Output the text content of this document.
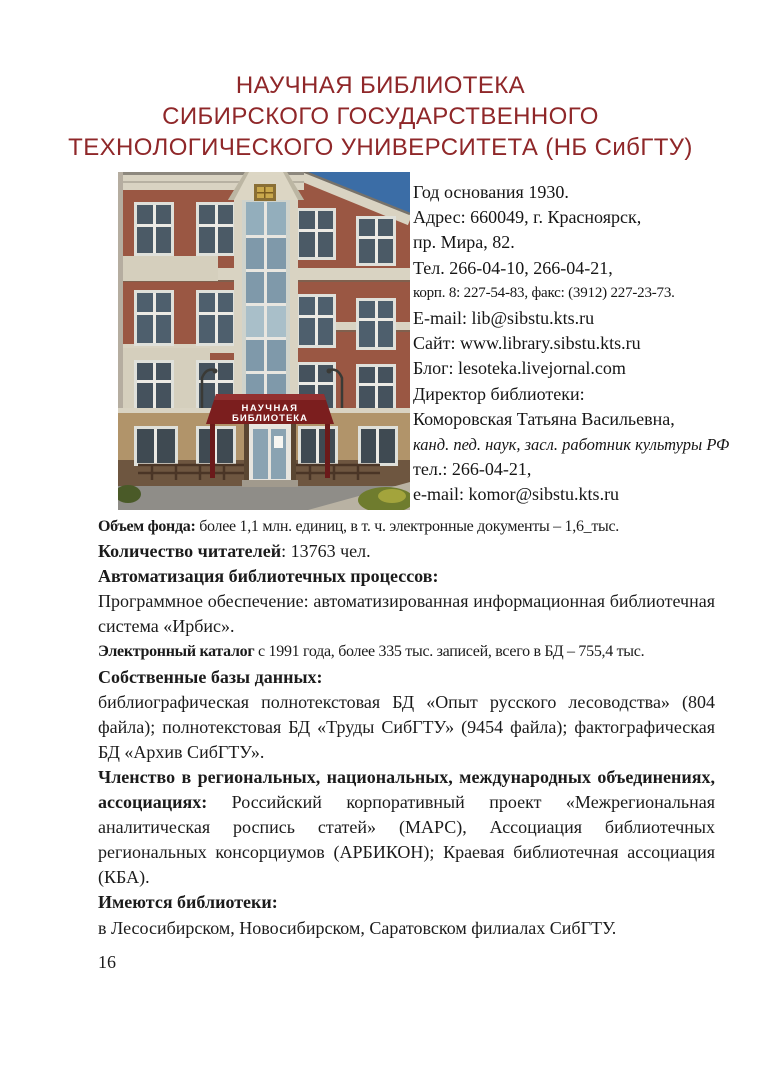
НАУЧНАЯ БИБЛИОТЕКА
СИБИРСКОГО ГОСУДАРСТВЕННОГО
ТЕХНОЛОГИЧЕСКОГО УНИВЕРСИТЕТА (НБ СибГТУ)
НАУЧНАЯ
БИБЛИОТЕКА
Год основания 1930.
Адрес: 660049, г. Красноярск,
пр. Мира, 82.
Тел. 266-04-10, 266-04-21,
корп. 8: 227-54-83, факс: (3912) 227-23-73.
E-mail: lib@sibstu.kts.ru
Сайт: www.library.sibstu.kts.ru
Блог: lesoteka.livejornal.com
Директор библиотеки:
Коморовская Татьяна Васильевна,
канд. пед. наук, засл. работник культуры РФ
тел.: 266-04-21,
e-mail: komor@sibstu.kts.ru

Объем фонда: более 1,1 млн. единиц, в т. ч. электронные документы – 1,6_тыс.

Количество читателей: 13763 чел.

Автоматизация библиотечных процессов:

Программное обеспечение: автоматизированная информационная библиотечная система «Ирбис».

Электронный каталог с 1991 года, более 335 тыс. записей, всего в БД – 755,4 тыс.

Собственные базы данных:

библиографическая полнотекстовая БД «Опыт русского лесоводства» (804 файла); полнотекстовая БД «Труды СибГТУ» (9454 файла); фактографическая БД «Архив СибГТУ».

Членство в региональных, национальных, международных объединениях, ассоциациях: Российский корпоративный проект «Межрегиональная аналитическая роспись статей» (МАРС), Ассоциация библиотечных региональных консорциумов (АРБИКОН); Краевая библиотечная ассоциация (КБА).

Имеются библиотеки:

в Лесосибирском, Новосибирском, Саратовском филиалах СибГТУ.

16
